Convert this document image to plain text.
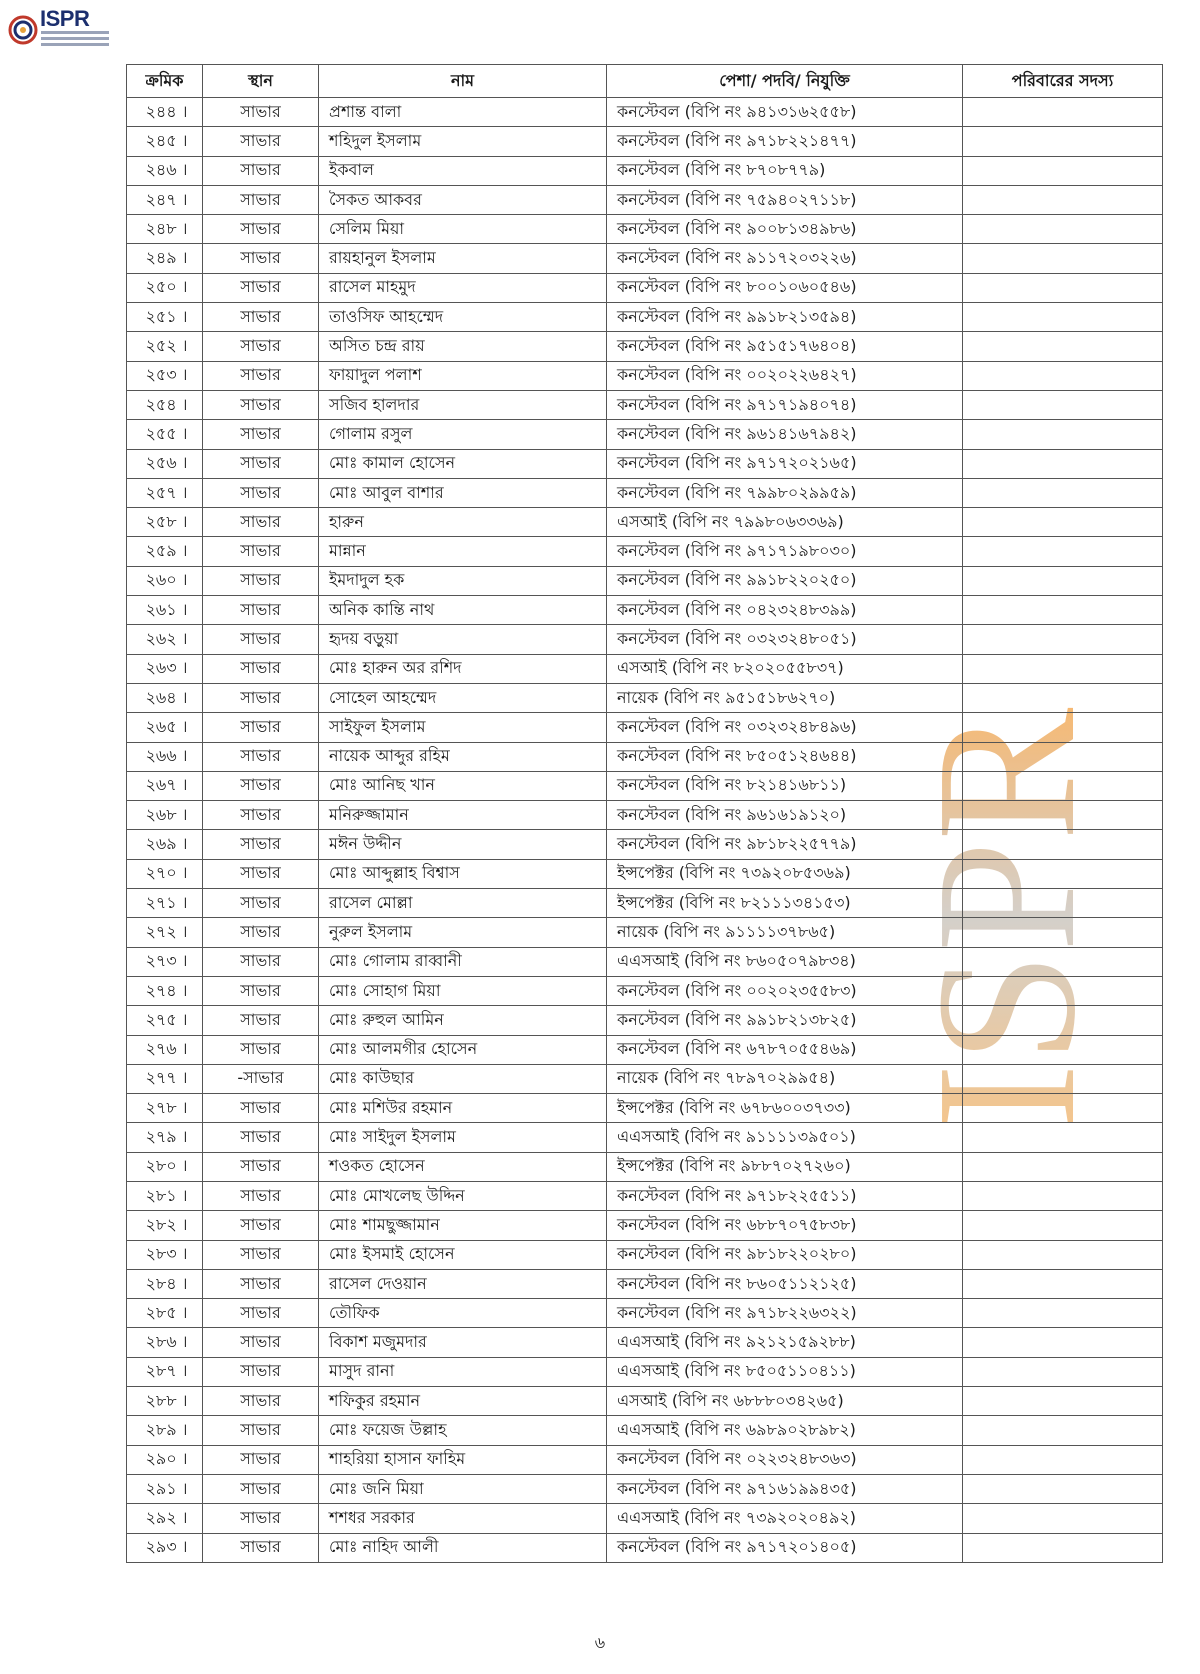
ISPR
ISPR
ক্রমিক	স্থান	নাম	পেশা/ পদবি/ নিযুক্তি	পরিবারের সদস্য
২৪৪ ।	সাভার	প্রশান্ত বালা	কনস্টেবল (বিপি নং ৯৪১৩১৬২৫৫৮)	
২৪৫ ।	সাভার	শহিদুল ইসলাম	কনস্টেবল (বিপি নং ৯৭১৮২২১৪৭৭)	
২৪৬ ।	সাভার	ইকবাল	কনস্টেবল (বিপি নং ৮৭০৮৭৭৯)	
২৪৭ ।	সাভার	সৈকত আকবর	কনস্টেবল (বিপি নং ৭৫৯৪০২৭১১৮)	
২৪৮ ।	সাভার	সেলিম মিয়া	কনস্টেবল (বিপি নং ৯০০৮১৩৪৯৮৬)	
২৪৯ ।	সাভার	রায়হানুল ইসলাম	কনস্টেবল (বিপি নং ৯১১৭২০৩২২৬)	
২৫০ ।	সাভার	রাসেল মাহমুদ	কনস্টেবল (বিপি নং ৮০০১০৬০৫৪৬)	
২৫১ ।	সাভার	তাওসিফ আহম্মেদ	কনস্টেবল (বিপি নং ৯৯১৮২১৩৫৯৪)	
২৫২ ।	সাভার	অসিত চন্দ্র রায়	কনস্টেবল (বিপি নং ৯৫১৫১৭৬৪০৪)	
২৫৩ ।	সাভার	ফায়াদুল পলাশ	কনস্টেবল (বিপি নং ০০২০২২৬৪২৭)	
২৫৪ ।	সাভার	সজিব হালদার	কনস্টেবল (বিপি নং ৯৭১৭১৯৪০৭৪)	
২৫৫ ।	সাভার	গোলাম রসুল	কনস্টেবল (বিপি নং ৯৬১৪১৬৭৯৪২)	
২৫৬ ।	সাভার	মোঃ কামাল হোসেন	কনস্টেবল (বিপি নং ৯৭১৭২০২১৬৫)	
২৫৭ ।	সাভার	মোঃ আবুল বাশার	কনস্টেবল (বিপি নং ৭৯৯৮০২৯৯৫৯)	
২৫৮ ।	সাভার	হারুন	এসআই (বিপি নং ৭৯৯৮০৬৩৩৬৯)	
২৫৯ ।	সাভার	মান্নান	কনস্টেবল (বিপি নং ৯৭১৭১৯৮০৩০)	
২৬০ ।	সাভার	ইমদাদুল হক	কনস্টেবল (বিপি নং ৯৯১৮২২০২৫০)	
২৬১ ।	সাভার	অনিক কান্তি নাথ	কনস্টেবল (বিপি নং ০৪২৩২৪৮৩৯৯)	
২৬২ ।	সাভার	হৃদয় বড়ুয়া	কনস্টেবল (বিপি নং ০৩২৩২৪৮০৫১)	
২৬৩ ।	সাভার	মোঃ হারুন অর রশিদ	এসআই (বিপি নং ৮২০২০৫৫৮৩৭)	
২৬৪ ।	সাভার	সোহেল আহম্মেদ	নায়েক (বিপি নং ৯৫১৫১৮৬২৭০)	
২৬৫ ।	সাভার	সাইফুল ইসলাম	কনস্টেবল (বিপি নং ০৩২৩২৪৮৪৯৬)	
২৬৬ ।	সাভার	নায়েক আব্দুর রহিম	কনস্টেবল (বিপি নং ৮৫০৫১২৪৬৪৪)	
২৬৭ ।	সাভার	মোঃ আনিছ খান	কনস্টেবল (বিপি নং ৮২১৪১৬৮১১)	
২৬৮ ।	সাভার	মনিরুজ্জামান	কনস্টেবল (বিপি নং ৯৬১৬১৯১২০)	
২৬৯ ।	সাভার	মঈন উদ্দীন	কনস্টেবল (বিপি নং ৯৮১৮২২৫৭৭৯)	
২৭০ ।	সাভার	মোঃ আব্দুল্লাহ বিশ্বাস	ইন্সপেক্টর (বিপি নং ৭৩৯২০৮৫৩৬৯)	
২৭১ ।	সাভার	রাসেল মোল্লা	ইন্সপেক্টর (বিপি নং ৮২১১১৩৪১৫৩)	
২৭২ ।	সাভার	নুরুল ইসলাম	নায়েক (বিপি নং ৯১১১১৩৭৮৬৫)	
২৭৩ ।	সাভার	মোঃ গোলাম রাব্বানী	এএসআই (বিপি নং ৮৬০৫০৭৯৮৩৪)	
২৭৪ ।	সাভার	মোঃ সোহাগ মিয়া	কনস্টেবল (বিপি নং ০০২০২৩৫৫৮৩)	
২৭৫ ।	সাভার	মোঃ রুহুল আমিন	কনস্টেবল (বিপি নং ৯৯১৮২১৩৮২৫)	
২৭৬ ।	সাভার	মোঃ আলমগীর হোসেন	কনস্টেবল (বিপি নং ৬৭৮৭০৫৫৪৬৯)	
২৭৭ ।	-সাভার	মোঃ কাউছার	নায়েক (বিপি নং ৭৮৯৭০২৯৯৫৪)	
২৭৮ ।	সাভার	মোঃ মশিউর রহমান	ইন্সপেক্টর (বিপি নং ৬৭৮৬০০৩৭৩৩)	
২৭৯ ।	সাভার	মোঃ সাইদুল ইসলাম	এএসআই (বিপি নং ৯১১১১৩৯৫০১)	
২৮০ ।	সাভার	শওকত হোসেন	ইন্সপেক্টর (বিপি নং ৯৮৮৭০২৭২৬০)	
২৮১ ।	সাভার	মোঃ মোখলেছ উদ্দিন	কনস্টেবল (বিপি নং ৯৭১৮২২৫৫১১)	
২৮২ ।	সাভার	মোঃ শামছুজ্জামান	কনস্টেবল (বিপি নং ৬৮৮৭০৭৫৮৩৮)	
২৮৩ ।	সাভার	মোঃ ইসমাই হোসেন	কনস্টেবল (বিপি নং ৯৮১৮২২০২৮০)	
২৮৪ ।	সাভার	রাসেল দেওয়ান	কনস্টেবল (বিপি নং ৮৬০৫১১২১২৫)	
২৮৫ ।	সাভার	তৌফিক	কনস্টেবল (বিপি নং ৯৭১৮২২৬৩২২)	
২৮৬ ।	সাভার	বিকাশ মজুমদার	এএসআই (বিপি নং ৯২১২১৫৯২৮৮)	
২৮৭ ।	সাভার	মাসুদ রানা	এএসআই (বিপি নং ৮৫০৫১১০৪১১)	
২৮৮ ।	সাভার	শফিকুর রহমান	এসআই (বিপি নং ৬৮৮৮০৩৪২৬৫)	
২৮৯ ।	সাভার	মোঃ ফয়েজ উল্লাহ	এএসআই (বিপি নং ৬৯৮৯০২৮৯৮২)	
২৯০ ।	সাভার	শাহরিয়া হাসান ফাহিম	কনস্টেবল (বিপি নং ০২২৩২৪৮৩৬৩)	
২৯১ ।	সাভার	মোঃ জনি মিয়া	কনস্টেবল (বিপি নং ৯৭১৬১৯৯৪৩৫)	
২৯২ ।	সাভার	শশধর সরকার	এএসআই (বিপি নং ৭৩৯২০২০৪৯২)	
২৯৩ ।	সাভার	মোঃ নাহিদ আলী	কনস্টেবল (বিপি নং ৯৭১৭২০১৪০৫)	
৬
